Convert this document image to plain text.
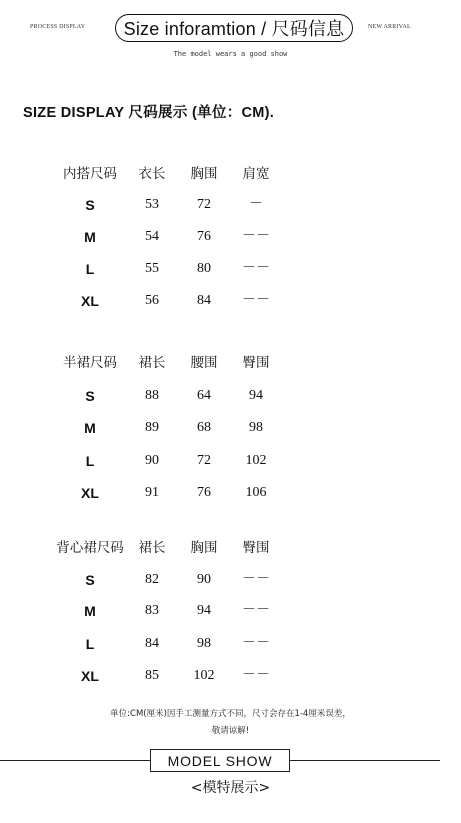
PROCESS DISPLAY	Size inforamtion / 尺码信息	NEW ARRIVAL
The model wears a good show
SIZE DISPLAY 尺码展示 (单位：CM).
内搭尺码	衣长	胸围	肩宽
S	53	72	－
M	54	76	－－
L	55	80	－－
XL	56	84	－－
半裙尺码	裙长	腰围	臀围
S	88	64	94
M	89	68	98
L	90	72	102
XL	91	76	106
背心裙尺码	裙长	胸围	臀围
S	82	90	－－
M	83	94	－－
L	84	98	－－
XL	85	102	－－
单位:CM(厘米)因手工测量方式不同，尺寸会存在1-4厘米误差，
敬请谅解!
MODEL SHOW
<模特展示>
